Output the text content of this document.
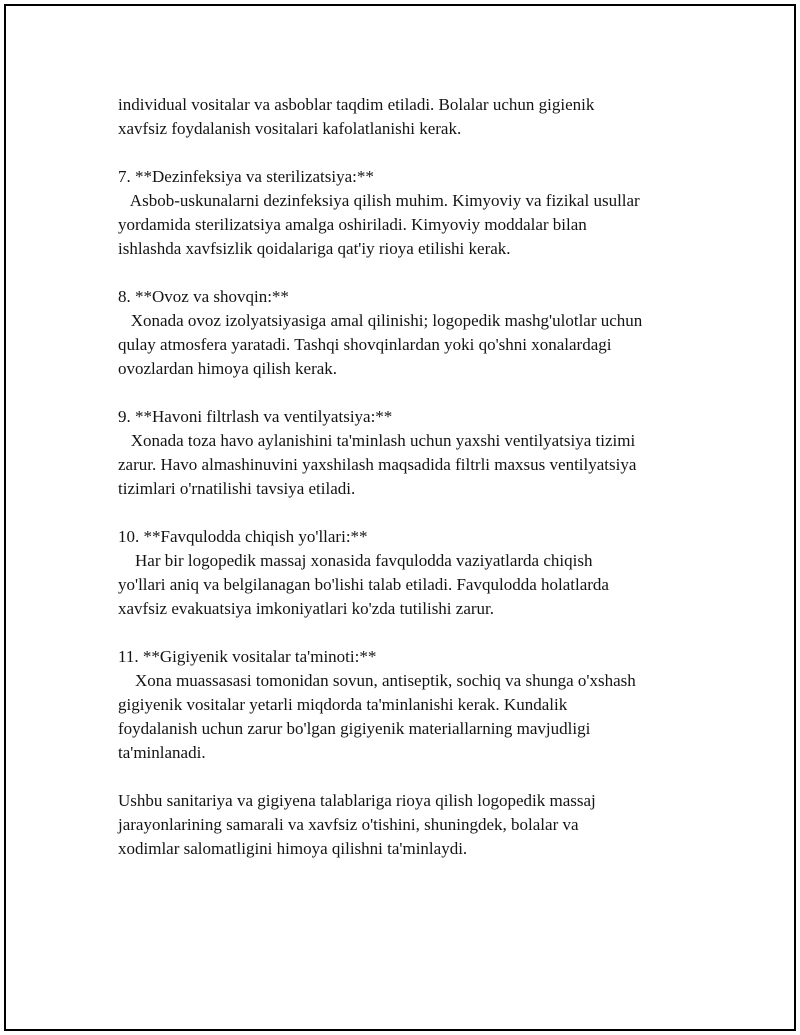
individual vositalar va asboblar taqdim etiladi. Bolalar uchun gigienik
xavfsiz foydalanish vositalari kafolatlanishi kerak.
7. **Dezinfeksiya va sterilizatsiya:**
Asbob-uskunalarni dezinfeksiya qilish muhim. Kimyoviy va fizikal usullar
yordamida sterilizatsiya amalga oshiriladi. Kimyoviy moddalar bilan
ishlashda xavfsizlik qoidalariga qat'iy rioya etilishi kerak.
8. **Ovoz va shovqin:**
Xonada ovoz izolyatsiyasiga amal qilinishi; logopedik mashg'ulotlar uchun
qulay atmosfera yaratadi. Tashqi shovqinlardan yoki qo'shni xonalardagi
ovozlardan himoya qilish kerak.
9. **Havoni filtrlash va ventilyatsiya:**
Xonada toza havo aylanishini ta'minlash uchun yaxshi ventilyatsiya tizimi
zarur. Havo almashinuvini yaxshilash maqsadida filtrli maxsus ventilyatsiya
tizimlari o'rnatilishi tavsiya etiladi.
10. **Favqulodda chiqish yo'llari:**
Har bir logopedik massaj xonasida favqulodda vaziyatlarda chiqish
yo'llari aniq va belgilanagan bo'lishi talab etiladi. Favqulodda holatlarda
xavfsiz evakuatsiya imkoniyatlari ko'zda tutilishi zarur.
11. **Gigiyenik vositalar ta'minoti:**
Xona muassasasi tomonidan sovun, antiseptik, sochiq va shunga o'xshash
gigiyenik vositalar yetarli miqdorda ta'minlanishi kerak. Kundalik
foydalanish uchun zarur bo'lgan gigiyenik materiallarning mavjudligi
ta'minlanadi.
Ushbu sanitariya va gigiyena talablariga rioya qilish logopedik massaj
jarayonlarining samarali va xavfsiz o'tishini, shuningdek, bolalar va
xodimlar salomatligini himoya qilishni ta'minlaydi.
